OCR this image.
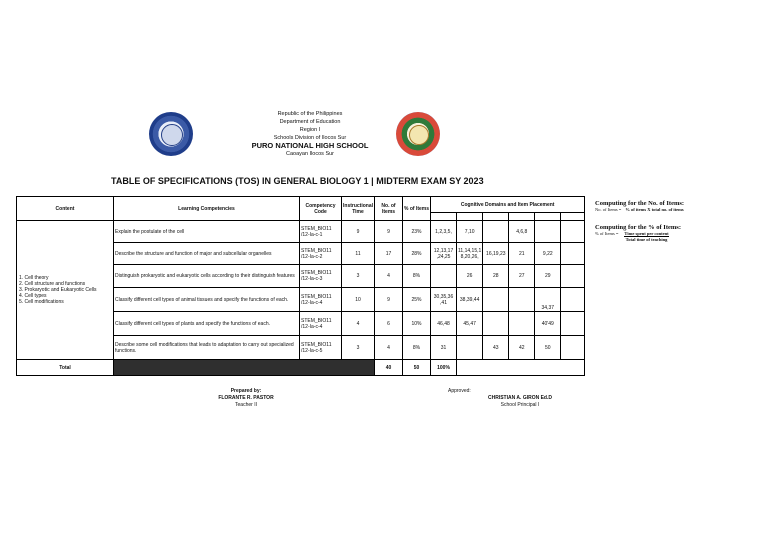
Republic of the Philippines
Department of Education
Region I
Schools Division of Ilocos Sur
PURO NATIONAL HIGH SCHOOL
Caoayan Ilocos Sur
TABLE OF SPECIFICATIONS (TOS) IN GENERAL BIOLOGY 1 | MIDTERM EXAM SY 2023
Content	Learning Competencies	Competency Code	Instructional Time	No. of Items	% of Items	Cognitive Domains and Item Placement					
						R	U	Ap	An	E	C

1. Cell theory
2. Cell structure and functions
3. Prokaryotic and Eukaryotic Cells
4. Cell types
5. Cell modifications	Explain the postulate of the cell	STEM_BIO11 /12-Ia-c-1	9	9	23%	1,2,3,5,	7,10		4,6,8		
	Describe the structure and function of major and subcellular organelles	STEM_BIO11 /12-Ia-c-2	11	17	28%	12,13,17 ,24,25	11,14,15,1 8,20,26,	16,19,23	21	9,22	
	Distinguish prokaryotic and eukaryotic cells according to their distinguish features	STEM_BIO11 /12-Ia-c-3	3	4	8%		26	28	27	29	
	Classify different cell types of animal tissues and specify the functions of each.	STEM_BIO11 /12-Ia-c-4	10	9	25%	30,35,36 ,41	38,39,44			34,37	
	Classify different cell types of plants and specify the functions of each.	STEM_BIO11 /12-Ia-c-4	4	6	10%	46,48	45,47			40'49	
	Describe some cell modifications that leads to adaptation to carry out specialized functions.	STEM_BIO11 /12-Ia-c-5	3	4	8%	31		43	42	50	
Total				40	50	100%					
Prepared by:
FLORANTE R. PASTOR
Teacher II
Approved:
CHRISTIAN A. GIRON Ed.D
School Principal I
Computing for the No. of Items:
No. of Items = % of items X total no. of items
Computing for the % of Items:
% of Items = Time spent per content
Total time of teaching
